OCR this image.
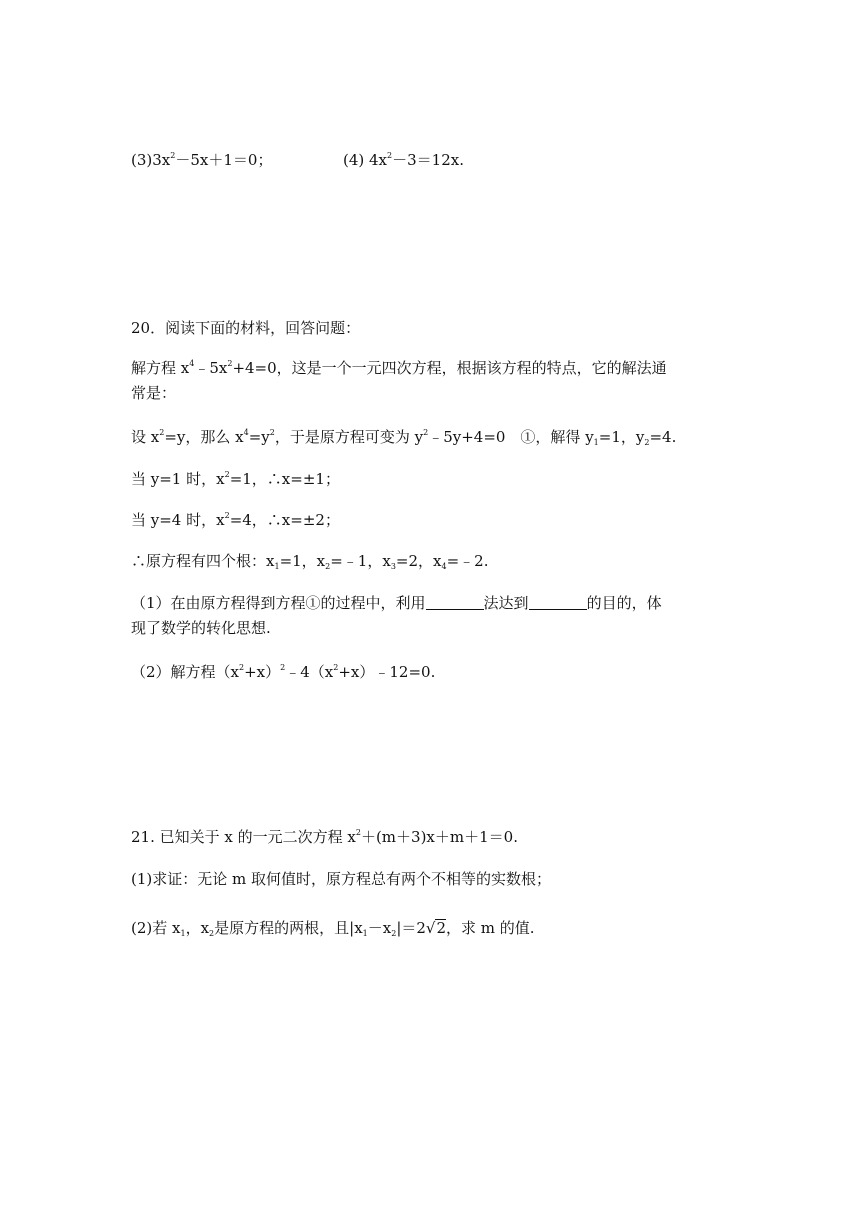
$(3)3x^2-5x+1=0$；	(4) $4x^2-3=12x$.
20．阅读下面的材料，回答问题：
解方程 $x^4﹣5x^2+4=0$，这是一个一元四次方程，根据该方程的特点，它的解法通
常是：
设 $x^2=y$，那么 $x^4=y^2$，于是原方程可变为 $y^2﹣5y+4=0$　①，解得 $y_1=1$，$y_2=4$.
当 y=1 时，$x^2=1$，∴x=±1；
当 y=4 时，$x^2=4$，∴x=±2；
∴原方程有四个根：$x_1=1$，$x_2=﹣1$，$x_3=2$，$x_4=﹣2$.
（1）在由原方程得到方程①的过程中，利用	法达到	的目的，体
现了数学的转化思想.
（2）解方程$(x^2+x)^2﹣4(x^2+x)﹣12=0$.
21. 已知关于 x 的一元二次方程 $x^2+(m+3)x+m+1=0$.
(1)求证：无论 m 取何值时，原方程总有两个不相等的实数根；
(2)若 $x_1$，$x_2$是原方程的两根，且$|x_1-x_2|=2√2$，求 m 的值.
